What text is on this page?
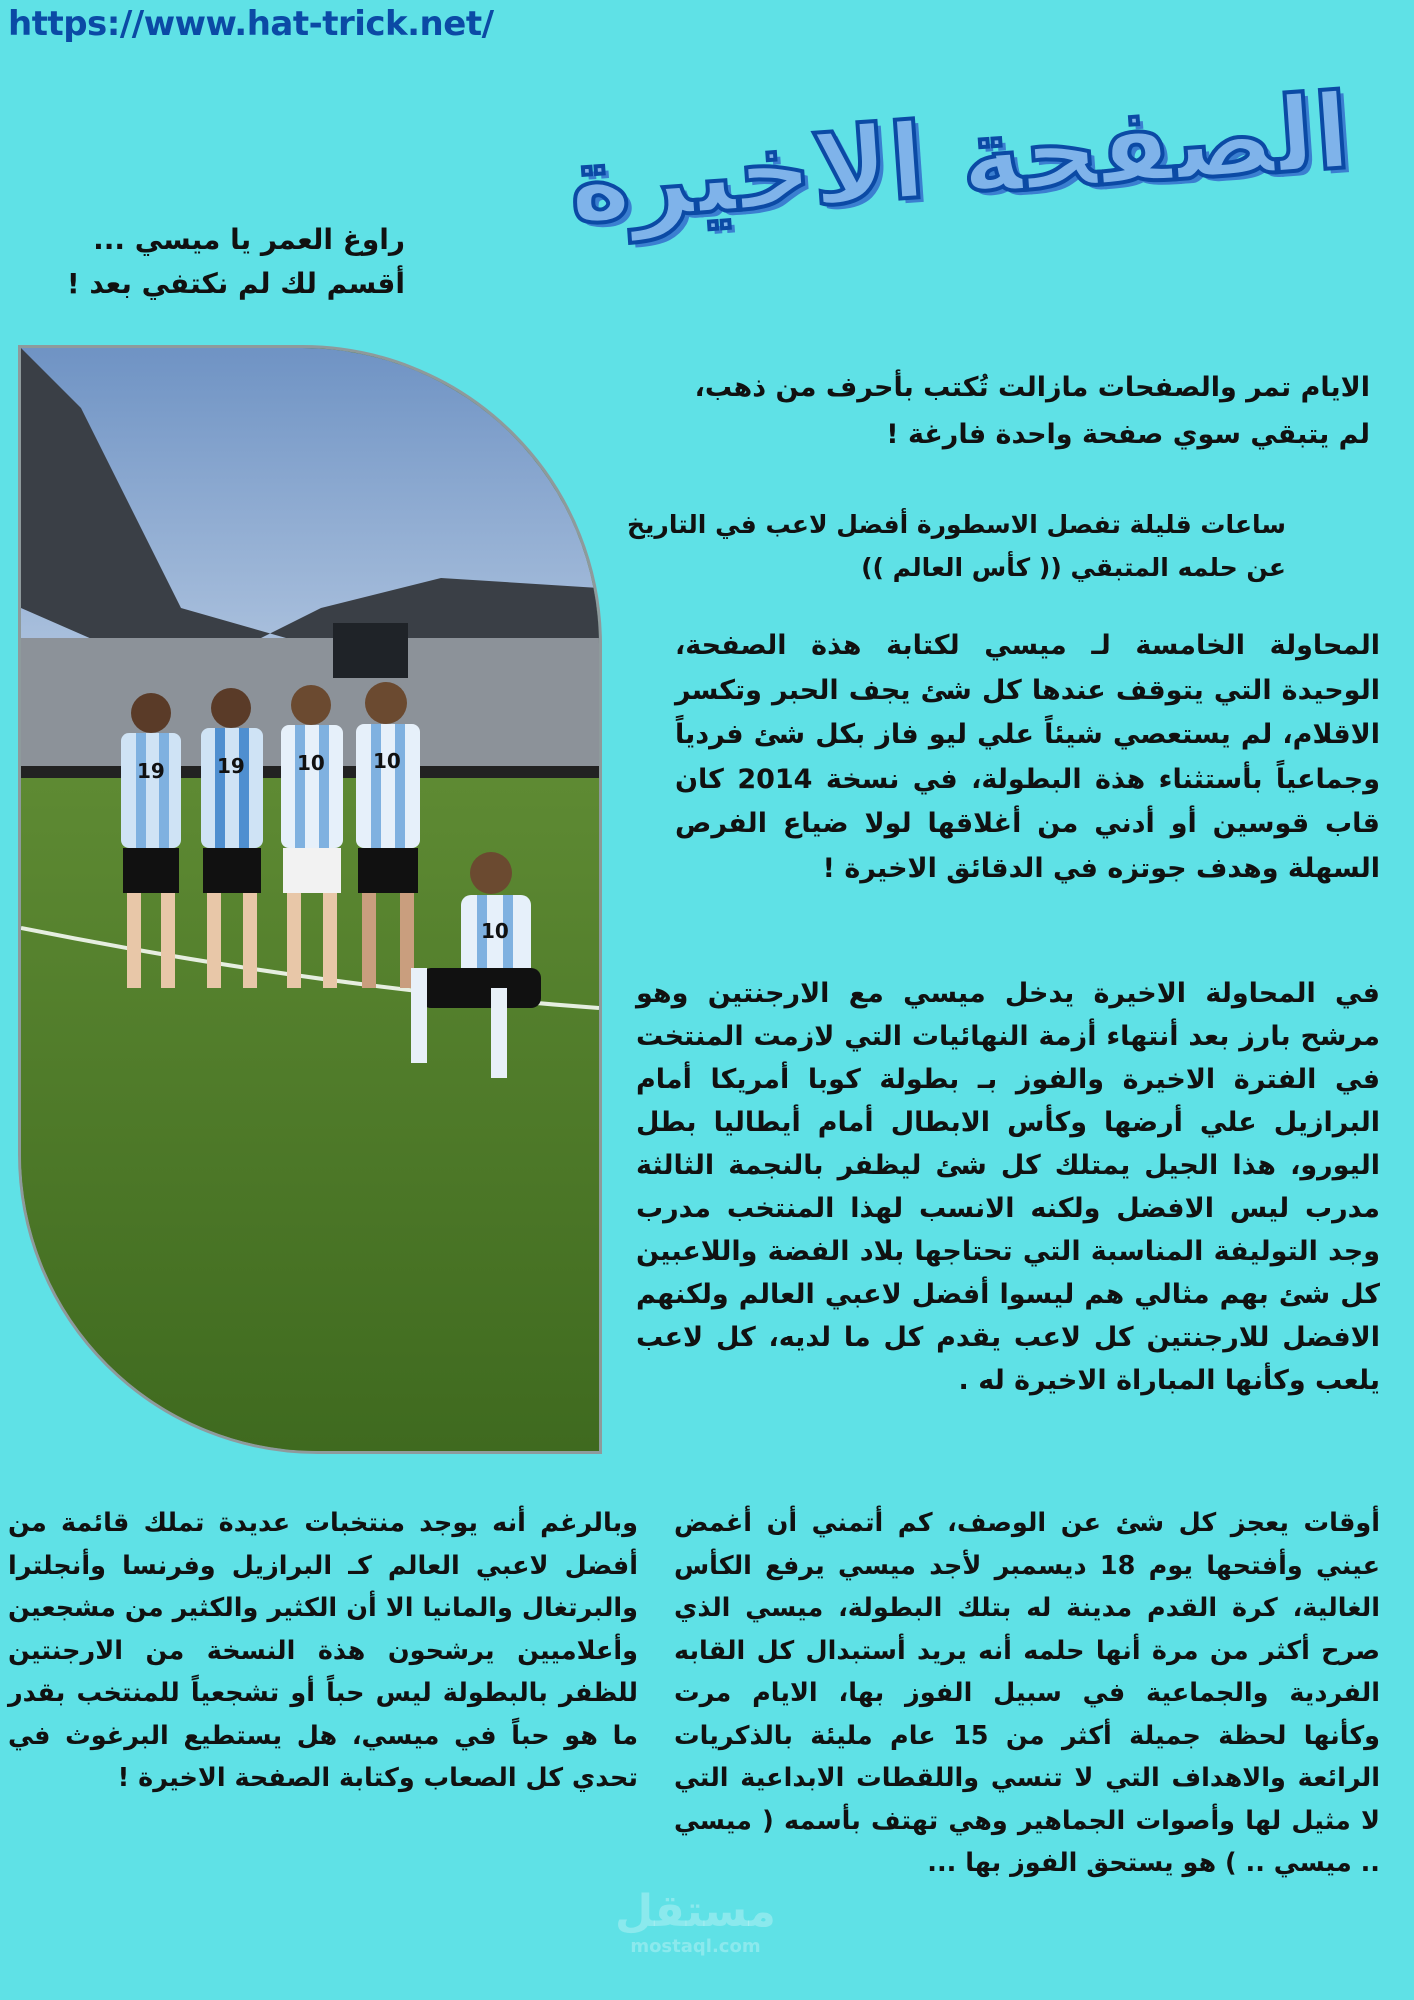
https://www.hat-trick.net/
الصفحة الاخيرة
راوغ العمر يا ميسي ...
أقسم لك لم نكتفي بعد !
19	19	10 10
10
الايام تمر والصفحات مازالت تُكتب بأحرف من ذهب، لم يتبقي سوي صفحة واحدة فارغة !
ساعات قليلة تفصل الاسطورة أفضل لاعب في التاريخ عن حلمه المتبقي (( كأس العالم ))
المحاولة الخامسة لـ ميسي لكتابة هذة الصفحة، الوحيدة التي يتوقف عندها كل شئ يجف الحبر وتكسر الاقلام، لم يستعصي شيئاً علي ليو فاز بكل شئ فردياً وجماعياً بأستثناء هذة البطولة، في نسخة 2014 كان قاب قوسين أو أدني من أغلاقها لولا ضياع الفرص السهلة وهدف جوتزه في الدقائق الاخيرة !
في المحاولة الاخيرة يدخل ميسي مع الارجنتين وهو مرشح بارز بعد أنتهاء أزمة النهائيات التي لازمت المنتخت في الفترة الاخيرة والفوز بـ بطولة كوبا أمريكا أمام البرازيل علي أرضها وكأس الابطال أمام أيطاليا بطل اليورو، هذا الجيل يمتلك كل شئ ليظفر بالنجمة الثالثة مدرب ليس الافضل ولكنه الانسب لهذا المنتخب مدرب وجد التوليفة المناسبة التي تحتاجها بلاد الفضة واللاعبين كل شئ بهم مثالي هم ليسوا أفضل لاعبي العالم ولكنهم الافضل للارجنتين كل لاعب يقدم كل ما لديه، كل لاعب يلعب وكأنها المباراة الاخيرة له .
أوقات يعجز كل شئ عن الوصف، كم أتمني أن أغمض عيني وأفتحها يوم 18 ديسمبر لأجد ميسي يرفع الكأس الغالية، كرة القدم مدينة له بتلك البطولة، ميسي الذي صرح أكثر من مرة أنها حلمه أنه يريد أستبدال كل القابه الفردية والجماعية في سبيل الفوز بها، الايام مرت وكأنها لحظة جميلة أكثر من 15 عام مليئة بالذكريات الرائعة والاهداف التي لا تنسي واللقطات الابداعية التي لا مثيل لها وأصوات الجماهير وهي تهتف بأسمه ( ميسي .. ميسي .. ) هو يستحق الفوز بها ...
وبالرغم أنه يوجد منتخبات عديدة تملك قائمة من أفضل لاعبي العالم كـ البرازيل وفرنسا وأنجلترا والبرتغال والمانيا الا أن الكثير والكثير من مشجعين وأعلاميين يرشحون هذة النسخة من الارجنتين للظفر بالبطولة ليس حباً أو تشجعياً للمنتخب بقدر ما هو حباً في ميسي، هل يستطيع البرغوث في تحدي كل الصعاب وكتابة الصفحة الاخيرة !
مستقل
mostaql.com
